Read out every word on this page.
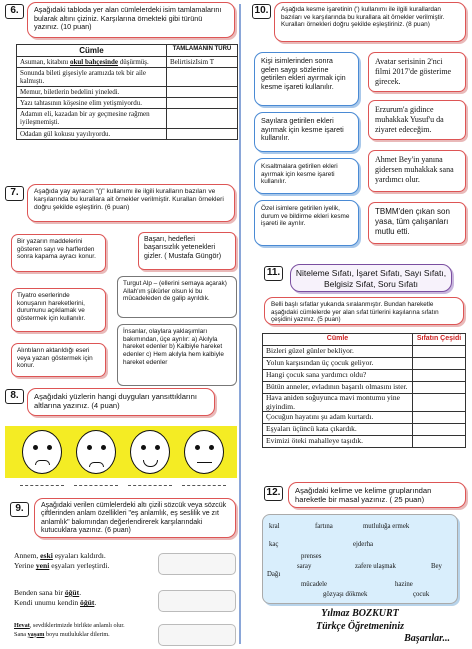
6.	Aşağıdaki tabloda yer alan cümlelerdeki isim tamlamalarını bularak altını çiziniz. Karşılarına örnekteki gibi türünü yazınız. (10 puan)
Cümle	TAMLAMANIN TÜRÜ
Asuman, kitabını okul bahçesinde düşürmüş.	BelirtisizIsim T
Sonunda bileti gişesiyle aramızda tek bir aile kalmıştı.	
Memur, biletlerin bedelini yineledi.	
Yazı tahtasının köşesine elim yetişmiyordu.	
Adamın eli, kazadan bir ay geçmesine rağmen iyileşmemişti.	
Odadan gül kokusu yayılıyordu.	
7.	Aşağıda yay ayracın "()" kullanımı ile ilgili kuralların bazıları ve karşılarında bu kurallara ait örnekler verilmiştir. Kuralları örnekleri doğru şekilde eşleştirin. (6 puan)
Bir yazarın maddelerini gösteren sayı ve harflerden sonra kapama ayracı konur.
Tiyatro eserlerinde konuşanın hareketlerini, durumunu açıklamak ve göstermek için kullanılır.
Alıntıların aktarıldığı eseri veya yazarı göstermek için konur.
Başarı, hedefleri başarısızlık yetenekleri gizler. ( Mustafa Güngör)
Turgut Alp – (ellerini semaya açarak) Allah'ım şükürler olsun ki bu mücadeleden de galip ayrıldık.
İnsanlar, olaylara yaklaşımları bakımından, üçe ayrılır: a) Akılyla hareket edenler b) Kalbiyle hareket edenler c) Hem akılyla hem kalbiyle hareket edenler
8.	Aşağıdaki yüzlerin hangi duyguları yansıttıklarını altlarına yazınız. (4 puan)
9.	Aşağıdaki verilen cümlelerdeki altı çizili sözcük veya sözcük çiftlerinden anlam özellikleri "eş anlamlık, eş seslilik ve zıt anlamlık" bakımından değerlendirerek karşılarındaki kutucuklara yazınız. (6 puan)
Annem, eski eşyaları kaldırdı.
Yerine yeni eşyaları yerleştirdi.
Benden sana bir öğüt.
Kendi unumu kendin öğüt.
Hevat, sevdiklerimizde birlikte anlamlı olur.
Sana yaşam boyu mutluluklar dilerim.
10.	Aşağıda kesme işaretinin (') kullanımı ile ilgili kurallardan bazıları ve karşılarında bu kurallara ait örnekler verilmiştir. Kuralları örnekleri doğru şekilde eşleştiriniz. (8 puan)
Kişi isimlerinden sonra gelen saygı sözlerine getirilen ekleri ayırmak için kesme işareti kullanılır.
Sayılara getirilen ekleri ayırmak için kesme işareti kullanılır.
Kısaltmalara getirilen ekleri ayırmak için kesme işareti kullanılır.
Özel isimlere getirilen iyelik, durum ve bildirme ekleri kesme işareti ile ayrılır.
Avatar serisinin 2'nci filmi 2017'de gösterime girecek.
Erzurum'a gidince muhakkak Yusuf'u da ziyaret edeceğim.
Ahmet Bey'in yanına gidersen muhakkak sana yardımcı olur.
TBMM'den çıkan son yasa, tüm çalışanları mutlu etti.
11.	Niteleme Sıfatı, İşaret Sıfatı, Sayı Sıfatı,
Belgisiz Sıfat, Soru Sıfatı
Belli başlı sıfatlar yukarıda sıralanmıştır. Bundan hareketle aşağıdaki cümlelerde yer alan sıfat türlerini kaşılarına sıfatın çeşidini yazınız. (5 puan)
Cümle	Sıfatın Çeşidi
Bizleri güzel günler bekliyor.	
Yolun karşısından üç çocuk geliyor.	
Hangi çocuk sana yardımcı oldu?	
Bütün anneler, evladının başarılı olmasını ister.	
Hava aniden soğuyunca mavi montumu yine giyindim.	
Çocuğun hayatını şu adam kurtardı.	
Eşyaları üçüncü kata çıkardık.	
Evimizi öteki mahalleye taşıdık.	
12.	Aşağıdaki kelime ve kelime gruplarından hareketle bir masal yazınız. ( 25 puan)
kral	fartına	mutluluğa ermek
kaç	ejderha
prenses
saray	zafere ulaşmak	Bey
Dağı
mücadele	hazine
gözyaşı dökmek	çocuk
Yılmaz BOZKURT
Türkçe Öğretmeniniz
Başarılar...
